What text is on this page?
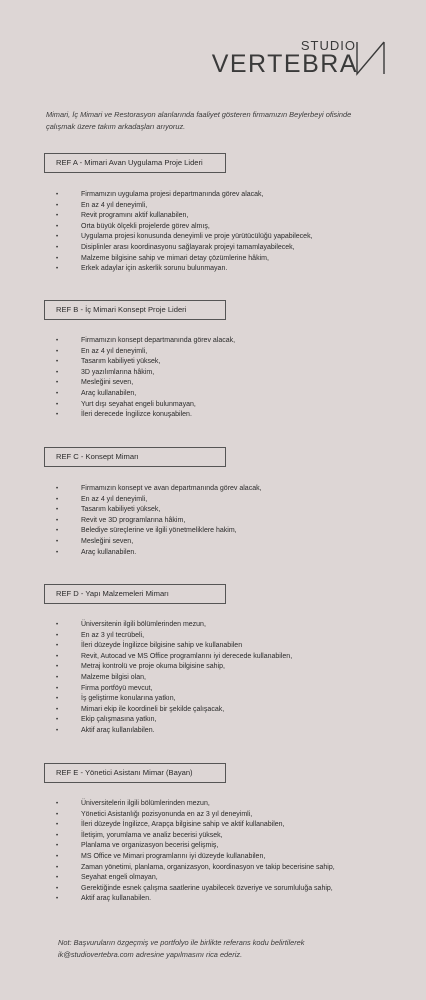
STUDIO
VERTEBRA
Mimari, İç Mimari ve Restorasyon alanlarında faaliyet gösteren firmamızın Beylerbeyi ofisinde çalışmak üzere takım arkadaşları arıyoruz.
REF A - Mimari Avan Uygulama Proje Lideri
• Firmamızın uygulama projesi departmanında görev alacak,
• En az 4 yıl deneyimli,
• Revit programını aktif kullanabilen,
• Orta büyük ölçekli projelerde görev almış,
• Uygulama projesi konusunda deneyimli ve proje yürütücülüğü yapabilecek,
• Disiplinler arası koordinasyonu sağlayarak projeyi tamamlayabilecek,
• Malzeme bilgisine sahip ve mimari detay çözümlerine hâkim,
• Erkek adaylar için askerlik sorunu bulunmayan.
REF B - İç Mimari Konsept Proje Lideri
• Firmamızın konsept departmanında görev alacak,
• En az 4 yıl deneyimli,
• Tasarım kabiliyeti yüksek,
• 3D yazılımlarına hâkim,
• Mesleğini seven,
• Araç kullanabilen,
• Yurt dışı seyahat engeli bulunmayan,
• İleri derecede İngilizce konuşabilen.
REF C - Konsept Mimarı
• Firmamızın konsept ve avan departmanında görev alacak,
• En az 4 yıl deneyimli,
• Tasarım kabiliyeti yüksek,
• Revit ve 3D programlarına hâkim,
• Belediye süreçlerine ve ilgili yönetmeliklere hakim,
• Mesleğini seven,
• Araç kullanabilen.
REF D - Yapı Malzemeleri Mimarı
• Üniversitenin ilgili bölümlerinden mezun,
• En az 3 yıl tecrübeli,
• İleri düzeyde İngilizce bilgisine sahip ve kullanabilen
• Revit, Autocad ve MS Office programlarını iyi derecede kullanabilen,
• Metraj kontrolü ve proje okuma bilgisine sahip,
• Malzeme bilgisi olan,
• Firma portföyü mevcut,
• İş geliştirme konularına yatkın,
• Mimari ekip ile koordineli bir şekilde çalışacak,
• Ekip çalışmasına yatkın,
• Aktif araç kullanılabilen.
REF E - Yönetici Asistanı Mimar (Bayan)
• Üniversitelerin ilgili bölümlerinden mezun,
• Yönetici Asistanlığı pozisyonunda en az 3 yıl deneyimli,
• İleri düzeyde İngilizce, Arapça bilgisine sahip ve aktif kullanabilen,
• İletişim, yorumlama ve analiz becerisi yüksek,
• Planlama ve organizasyon becerisi gelişmiş,
• MS Office ve Mimari programlarını iyi düzeyde kullanabilen,
• Zaman yönetimi, planlama, organizasyon, koordinasyon ve takip becerisine sahip,
• Seyahat engeli olmayan,
• Gerektiğinde esnek çalışma saatlerine uyabilecek özveriye ve sorumluluğa sahip,
• Aktif araç kullanabilen.
Not: Başvuruların özgeçmiş ve portfolyo ile birlikte referans kodu belirtilerek ik@studiovertebra.com adresine yapılmasını rica ederiz.
